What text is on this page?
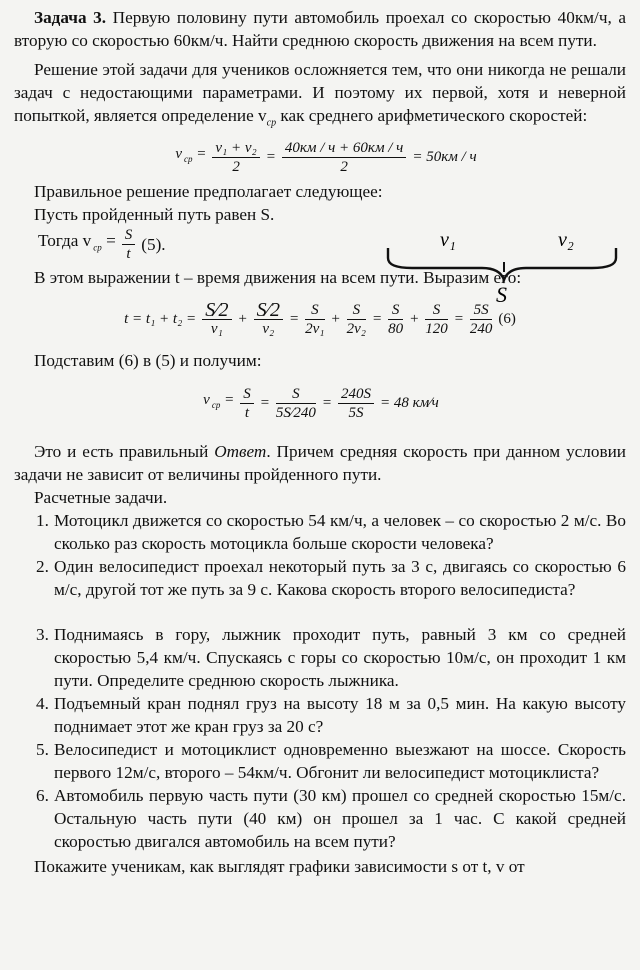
Задача 3. Первую половину пути автомобиль проехал со скоростью 40км/ч, а вторую со скоростью 60км/ч. Найти среднюю скорость движения на всем пути.

Решение этой задачи для учеников осложняется тем, что они никогда не решали задач с недостающими параметрами. И поэтому их первой, хотя и неверной попыткой, является определение $v_{ср}$ как среднего арифметического скоростей:

v $_{ср} = \frac{\text{v₁ + v₂}}{2} = \frac{40км / ч + 60км / ч}{2} = 50км / ч$

Правильное решение предполагает следующее:

Пусть пройденный путь равен S.

Тогда v $_{ср} = \frac{S}{t} (5)$.	v₁	v₂
S

В этом выражении t – время движения на всем пути. Выразим его:

$t = t_1 + t_2 = \frac{S⁄2}{\text{v₁}} + \frac{S⁄2}{\text{v₂}} = \frac{S}{\text{2v₁}} + \frac{S}{\text{2v₂}} = \frac{S}{80} + \frac{S}{120} = \frac{5S}{240} (6)$

Подставим (6) в (5) и получим:

v $_{ср} = \frac{S}{t} = \frac{S}{5S⁄240} = \frac{240S}{5S} = 48$ км⁄ч

Это и есть правильный Ответ. Причем средняя скорость при данном условии задачи не зависит от величины пройденного пути.

Расчетные задачи.

1. Мотоцикл движется со скоростью 54 км/ч, а человек – со скоростью 2 м/с. Во сколько раз скорость мотоцикла больше скорости человека?
2. Один велосипедист проехал некоторый путь за 3 с, двигаясь со скоростью 6 м/с, другой тот же путь за 9 с. Какова скорость второго велосипедиста?
3. Поднимаясь в гору, лыжник проходит путь, равный 3 км со средней скоростью 5,4 км/ч. Спускаясь с горы со скоростью 10м/с, он проходит 1 км пути. Определите среднюю скорость лыжника.
4. Подъемный кран поднял груз на высоту 18 м за 0,5 мин. На какую высоту поднимает этот же кран груз за 20 с?
5. Велосипедист и мотоциклист одновременно выезжают на шоссе. Скорость первого 12м/с, второго – 54км/ч. Обгонит ли велосипедист мотоциклиста?
6. Автомобиль первую часть пути (30 км) прошел со средней скоростью 15м/с. Остальную часть пути (40 км) он прошел за 1 час. С какой средней скоростью двигался автомобиль на всем пути?

Покажите ученикам, как выглядят графики зависимости s от t, v от
